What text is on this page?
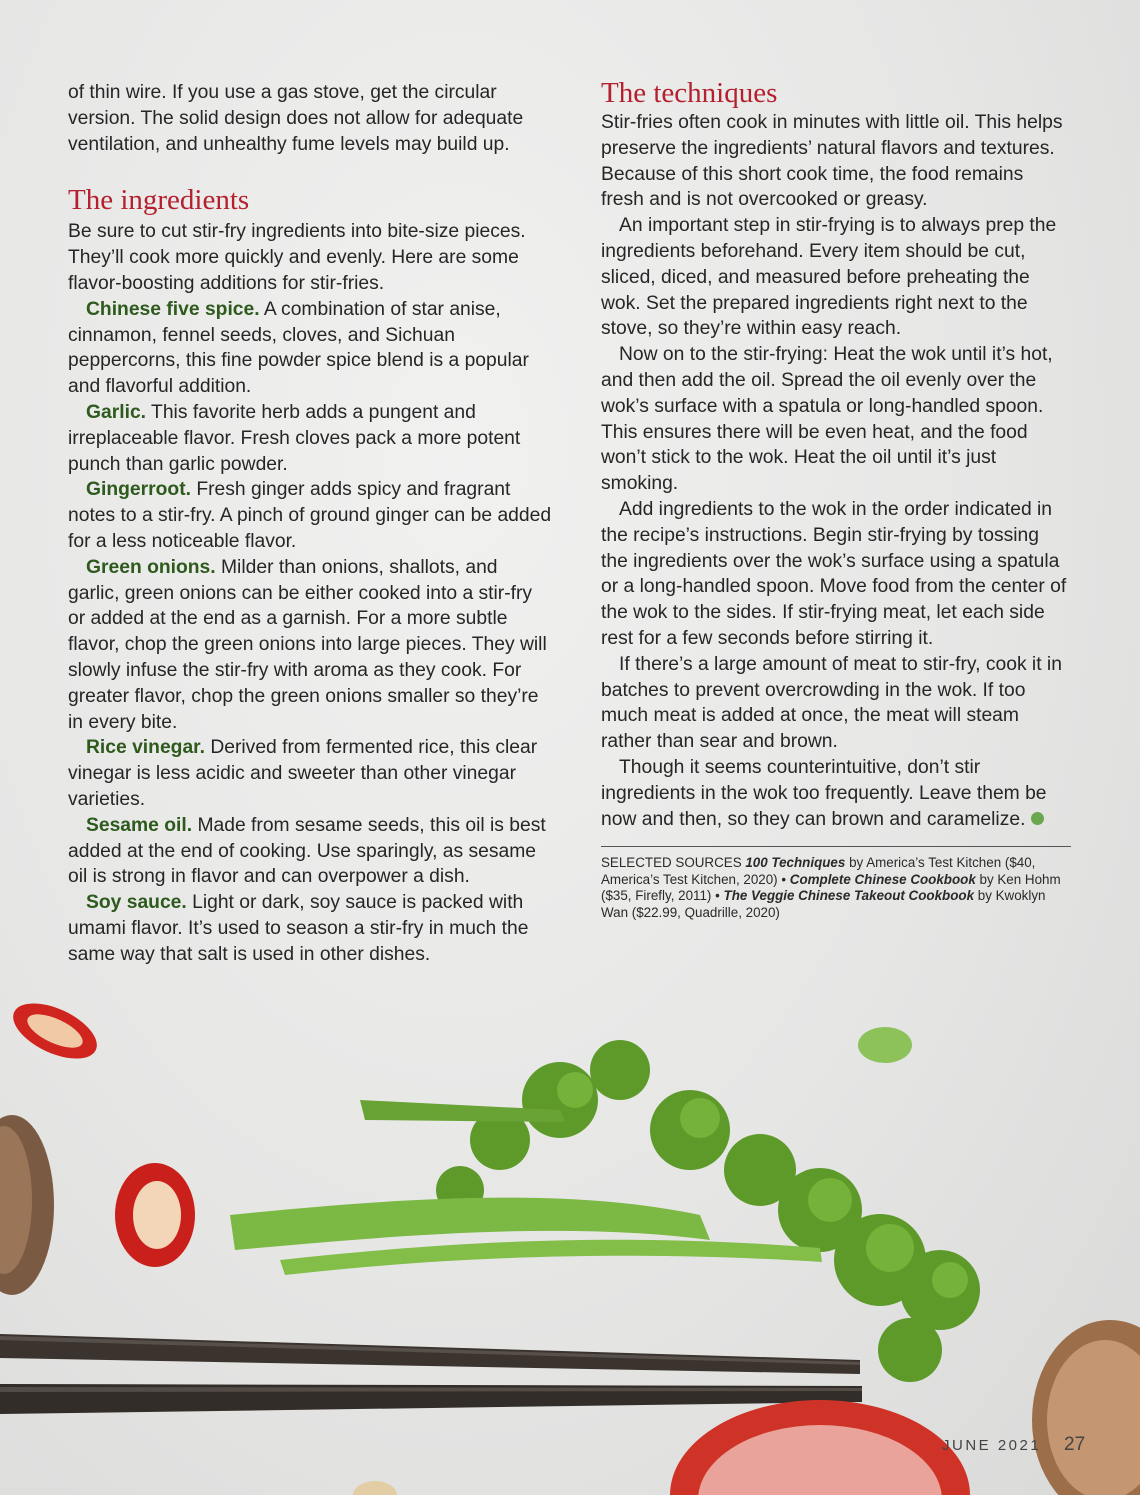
of thin wire. If you use a gas stove, get the circular version. The solid design does not allow for adequate ventilation, and unhealthy fume levels may build up.

The ingredients

Be sure to cut stir-fry ingredients into bite-size pieces. They’ll cook more quickly and evenly. Here are some flavor-boosting additions for stir-fries.

Chinese five spice. A combination of star anise, cinnamon, fennel seeds, cloves, and Sichuan peppercorns, this fine powder spice blend is a popular and flavorful addition.

Garlic. This favorite herb adds a pungent and irreplaceable flavor. Fresh cloves pack a more potent punch than garlic powder.

Gingerroot. Fresh ginger adds spicy and fragrant notes to a stir-fry. A pinch of ground ginger can be added for a less noticeable flavor.

Green onions. Milder than onions, shallots, and garlic, green onions can be either cooked into a stir-fry or added at the end as a garnish. For a more subtle flavor, chop the green onions into large pieces. They will slowly infuse the stir-fry with aroma as they cook. For greater flavor, chop the green onions smaller so they’re in every bite.

Rice vinegar. Derived from fermented rice, this clear vinegar is less acidic and sweeter than other vinegar varieties.

Sesame oil. Made from sesame seeds, this oil is best added at the end of cooking. Use sparingly, as sesame oil is strong in flavor and can overpower a dish.

Soy sauce. Light or dark, soy sauce is packed with umami flavor. It’s used to season a stir-fry in much the same way that salt is used in other dishes.

The techniques

Stir-fries often cook in minutes with little oil. This helps preserve the ingredients’ natural flavors and textures. Because of this short cook time, the food remains fresh and is not overcooked or greasy.

An important step in stir-frying is to always prep the ingredients beforehand. Every item should be cut, sliced, diced, and measured before preheating the wok. Set the prepared ingredients right next to the stove, so they’re within easy reach.

Now on to the stir-frying: Heat the wok until it’s hot, and then add the oil. Spread the oil evenly over the wok’s surface with a spatula or long-handled spoon. This ensures there will be even heat, and the food won’t stick to the wok. Heat the oil until it’s just smoking.

Add ingredients to the wok in the order indicated in the recipe’s instructions. Begin stir-frying by tossing the ingredients over the wok’s surface using a spatula or a long-handled spoon. Move food from the center of the wok to the sides. If stir-frying meat, let each side rest for a few seconds before stirring it.

If there’s a large amount of meat to stir-fry, cook it in batches to prevent overcrowding in the wok. If too much meat is added at once, the meat will steam rather than sear and brown.

Though it seems counterintuitive, don’t stir ingredients in the wok too frequently. Leave them be now and then, so they can brown and caramelize.

SELECTED SOURCES 100 Techniques by America’s Test Kitchen ($40, America’s Test Kitchen, 2020) • Complete Chinese Cookbook by Ken Hohm ($35, Firefly, 2011) • The Veggie Chinese Takeout Cookbook by Kwoklyn Wan ($22.99, Quadrille, 2020)
JUNE 2021 27
